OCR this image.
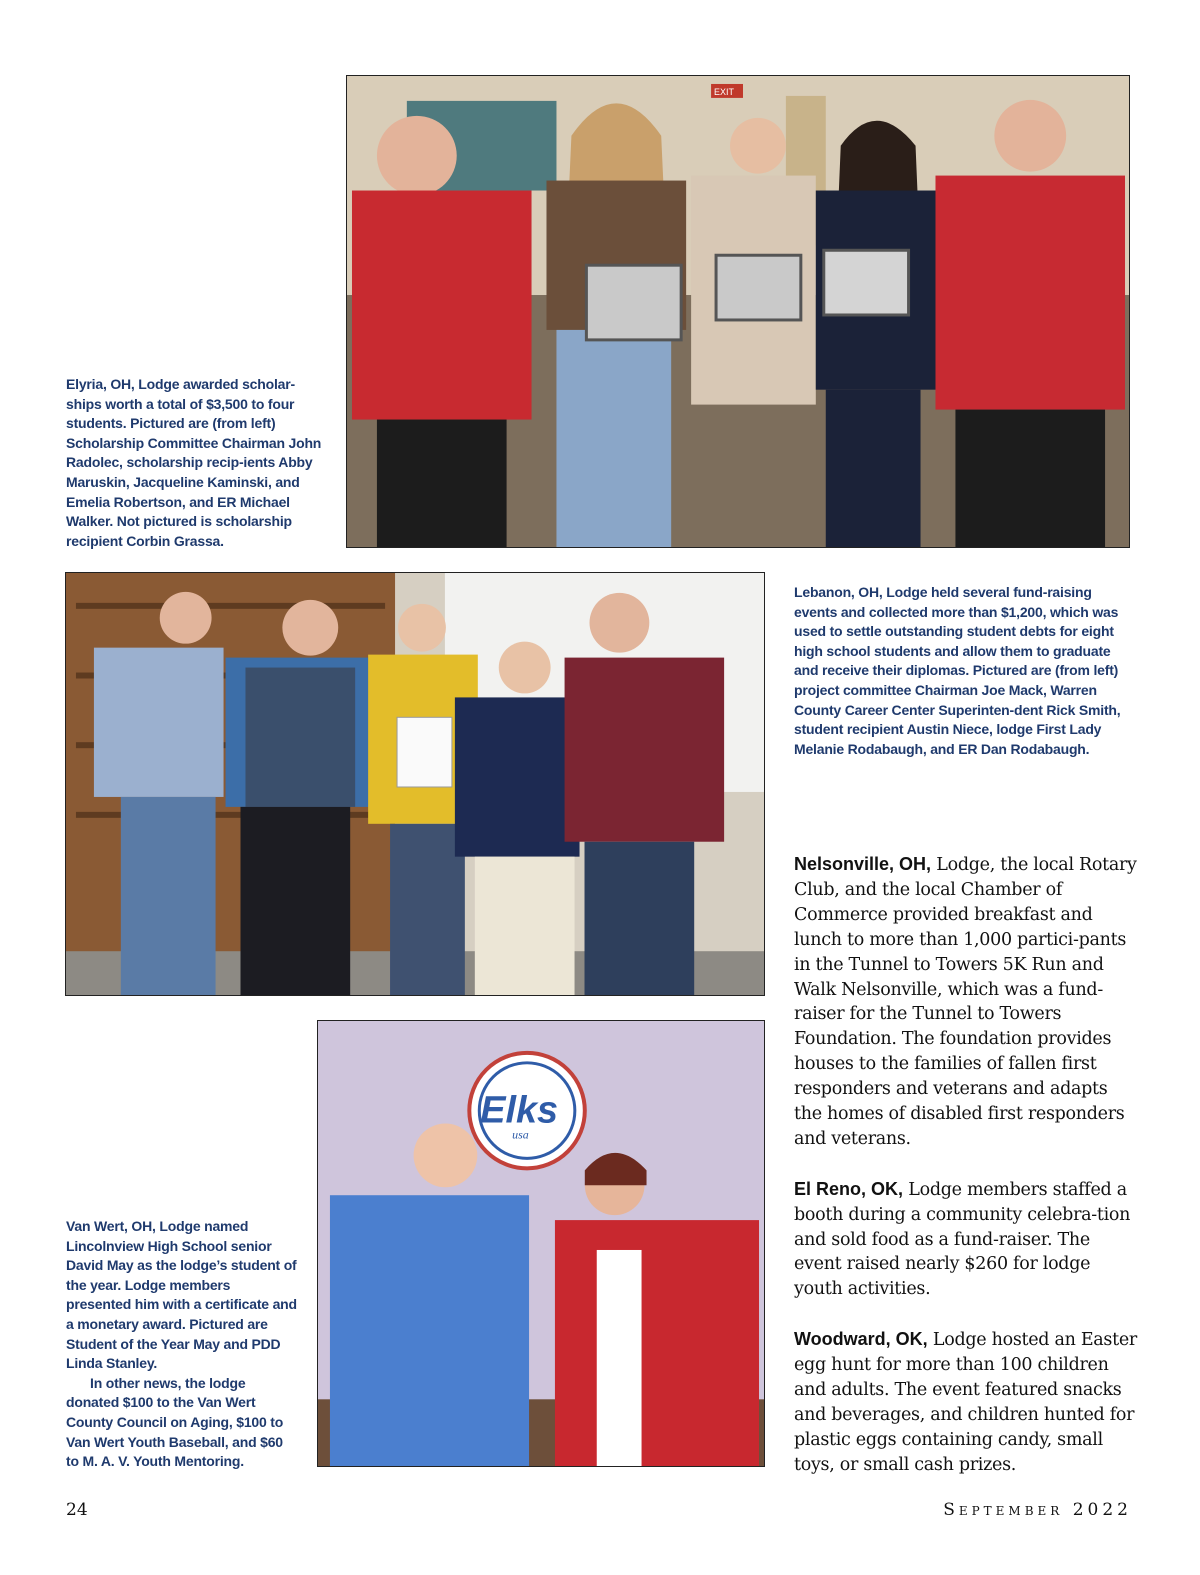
EXIT

Elyria, OH, Lodge awarded scholar-ships worth a total of $3,500 to four students. Pictured are (from left) Scholarship Committee Chairman John Radolec, scholarship recip-ients Abby Maruskin, Jacqueline Kaminski, and Emelia Robertson, and ER Michael Walker. Not pictured is scholarship recipient Corbin Grassa.

Lebanon, OH, Lodge held several fund-raising events and collected more than $1,200, which was used to settle outstanding student debts for eight high school students and allow them to graduate and receive their diplomas. Pictured are (from left) project committee Chairman Joe Mack, Warren County Career Center Superinten-dent Rick Smith, student recipient Austin Niece, lodge First Lady Melanie Rodabaugh, and ER Dan Rodabaugh.

Elks
usa

Van Wert, OH, Lodge named Lincolnview High School senior David May as the lodge’s student of the year. Lodge members presented him with a certificate and a monetary award. Pictured are Student of the Year May and PDD Linda Stanley.

In other news, the lodge donated $100 to the Van Wert County Council on Aging, $100 to Van Wert Youth Baseball, and $60 to M. A. V. Youth Mentoring.

Nelsonville, OH, Lodge, the local Rotary Club, and the local Chamber of Commerce provided breakfast and lunch to more than 1,000 partici-pants in the Tunnel to Towers 5K Run and Walk Nelsonville, which was a fund-raiser for the Tunnel to Towers Foundation. The foundation provides houses to the families of fallen first responders and veterans and adapts the homes of disabled first responders and veterans.

El Reno, OK, Lodge members staffed a booth during a community celebra-tion and sold food as a fund-raiser. The event raised nearly $260 for lodge youth activities.

Woodward, OK, Lodge hosted an Easter egg hunt for more than 100 children and adults. The event featured snacks and beverages, and children hunted for plastic eggs containing candy, small toys, or small cash prizes.

24	September 2022
